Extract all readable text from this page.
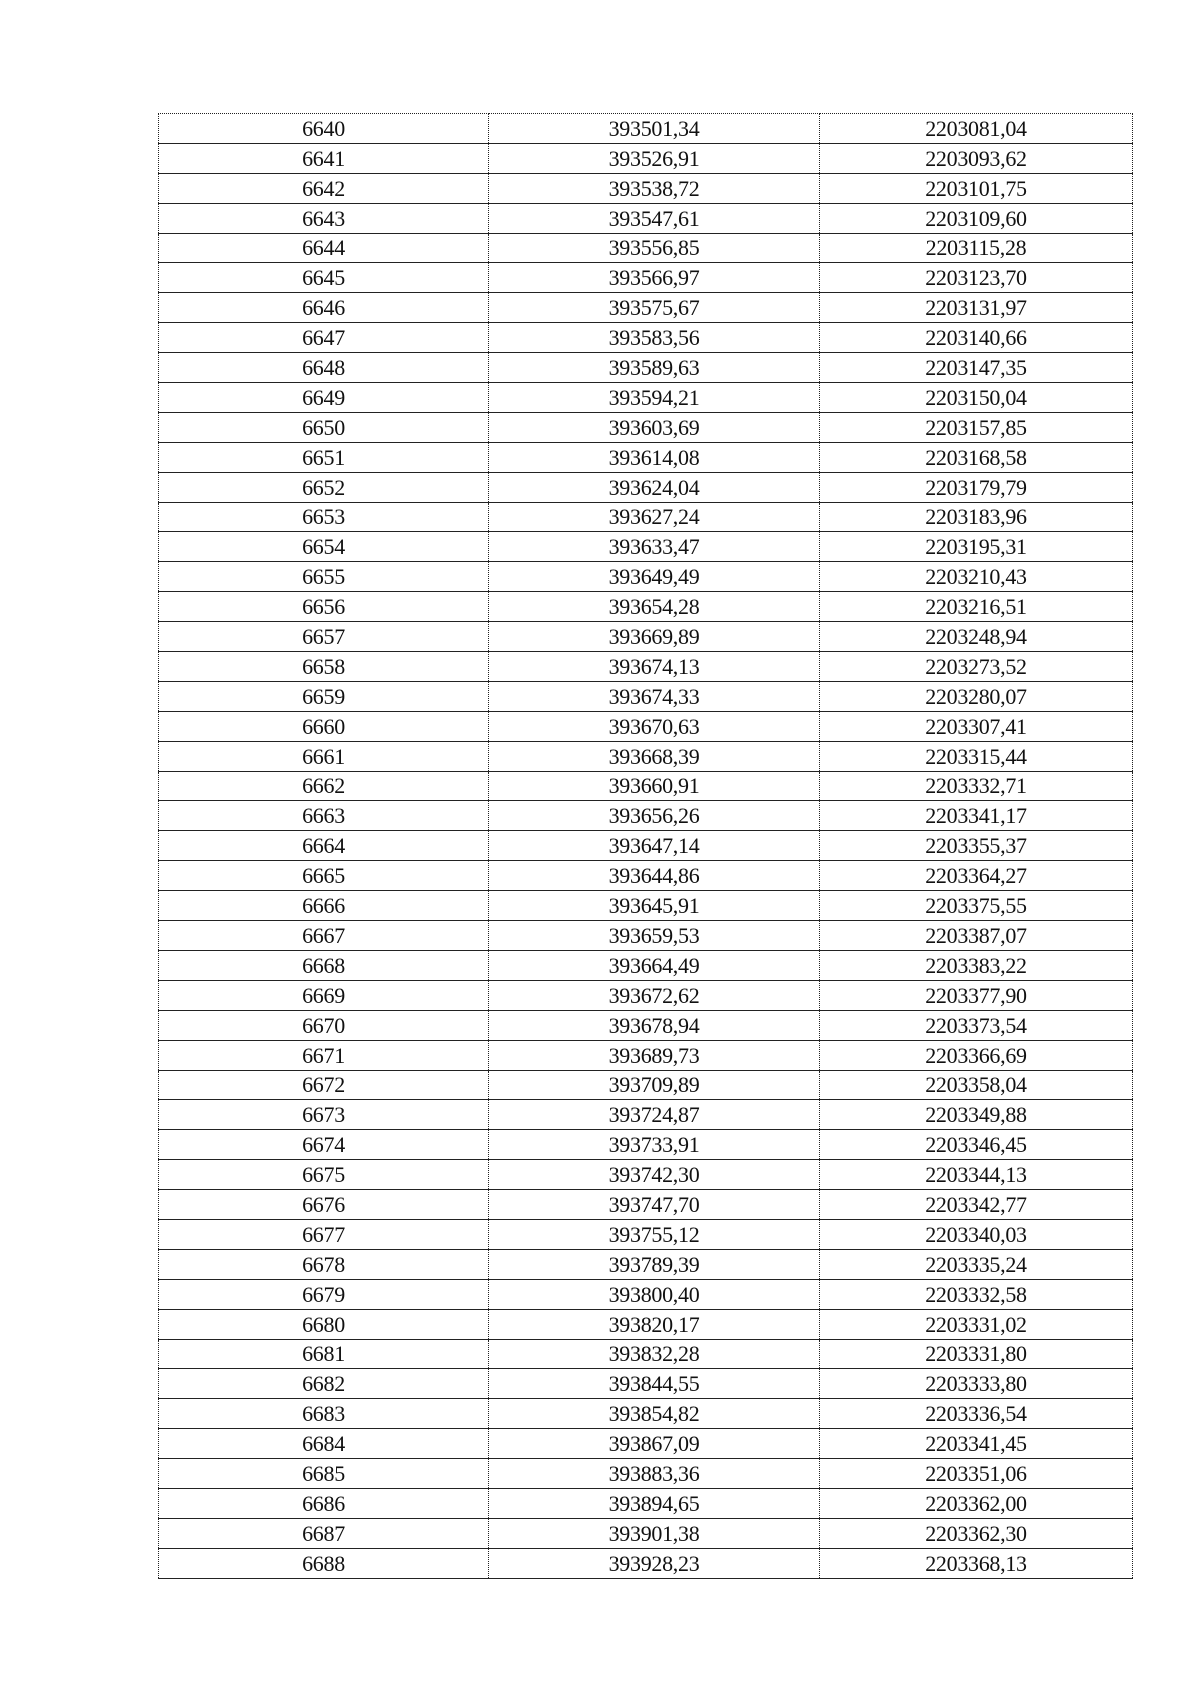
6640	393501,34	2203081,04
6641	393526,91	2203093,62
6642	393538,72	2203101,75
6643	393547,61	2203109,60
6644	393556,85	2203115,28
6645	393566,97	2203123,70
6646	393575,67	2203131,97
6647	393583,56	2203140,66
6648	393589,63	2203147,35
6649	393594,21	2203150,04
6650	393603,69	2203157,85
6651	393614,08	2203168,58
6652	393624,04	2203179,79
6653	393627,24	2203183,96
6654	393633,47	2203195,31
6655	393649,49	2203210,43
6656	393654,28	2203216,51
6657	393669,89	2203248,94
6658	393674,13	2203273,52
6659	393674,33	2203280,07
6660	393670,63	2203307,41
6661	393668,39	2203315,44
6662	393660,91	2203332,71
6663	393656,26	2203341,17
6664	393647,14	2203355,37
6665	393644,86	2203364,27
6666	393645,91	2203375,55
6667	393659,53	2203387,07
6668	393664,49	2203383,22
6669	393672,62	2203377,90
6670	393678,94	2203373,54
6671	393689,73	2203366,69
6672	393709,89	2203358,04
6673	393724,87	2203349,88
6674	393733,91	2203346,45
6675	393742,30	2203344,13
6676	393747,70	2203342,77
6677	393755,12	2203340,03
6678	393789,39	2203335,24
6679	393800,40	2203332,58
6680	393820,17	2203331,02
6681	393832,28	2203331,80
6682	393844,55	2203333,80
6683	393854,82	2203336,54
6684	393867,09	2203341,45
6685	393883,36	2203351,06
6686	393894,65	2203362,00
6687	393901,38	2203362,30
6688	393928,23	2203368,13
